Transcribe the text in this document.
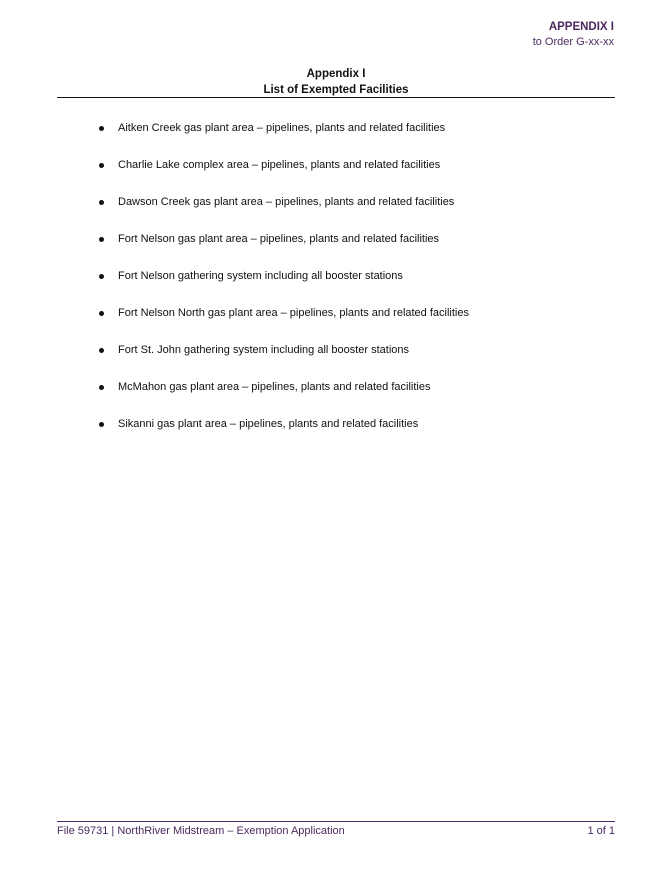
APPENDIX I
to Order G-xx-xx
Appendix I
List of Exempted Facilities
Aitken Creek gas plant area – pipelines, plants and related facilities
Charlie Lake complex area – pipelines, plants and related facilities
Dawson Creek gas plant area – pipelines, plants and related facilities
Fort Nelson gas plant area – pipelines, plants and related facilities
Fort Nelson gathering system including all booster stations
Fort Nelson North gas plant area – pipelines, plants and related facilities
Fort St. John gathering system including all booster stations
McMahon gas plant area – pipelines, plants and related facilities
Sikanni gas plant area – pipelines, plants and related facilities
File 59731 | NorthRiver Midstream – Exemption Application	1 of 1
